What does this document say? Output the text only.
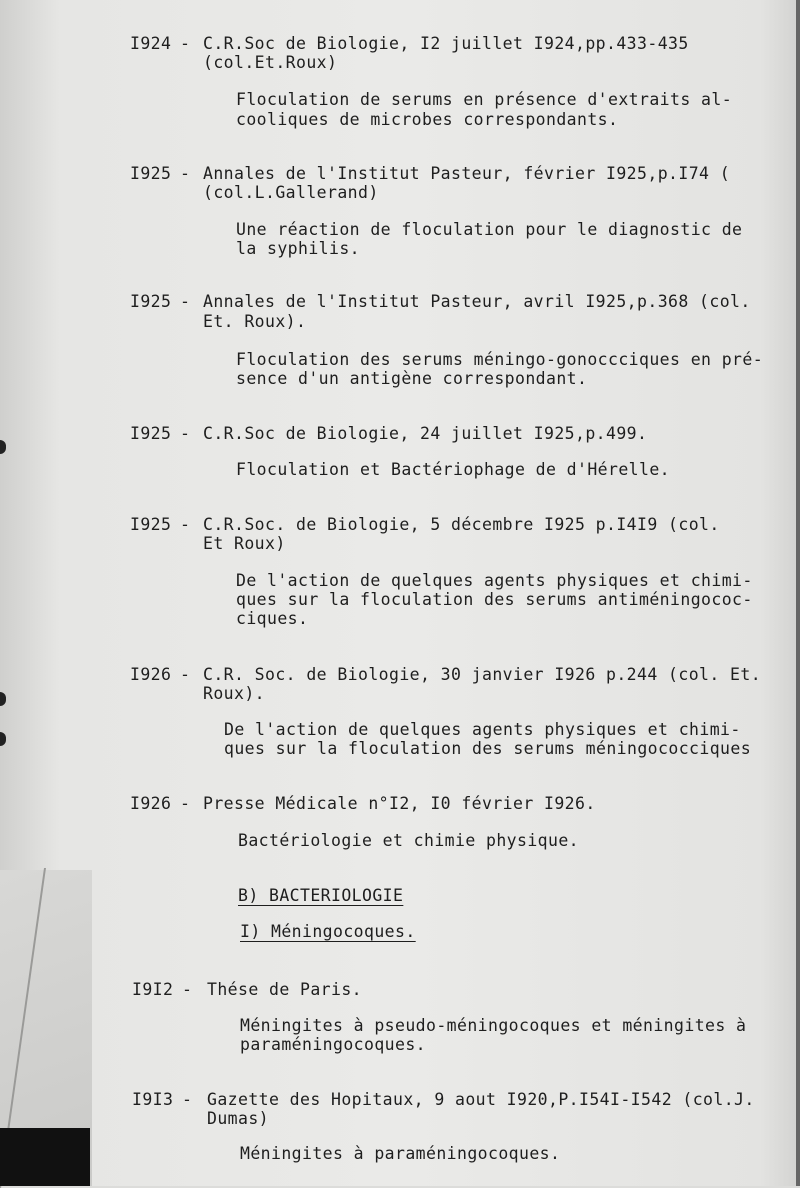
I924 - C.R.Soc de Biologie, I2 juillet I924,pp.433-435
(col.Et.Roux)
Floculation de serums en présence d'extraits al-
cooliques de microbes correspondants.
I925 - Annales de l'Institut Pasteur, février I925,p.I74 (
(col.L.Gallerand)
Une réaction de floculation pour le diagnostic de
la syphilis.
I925 - Annales de l'Institut Pasteur, avril I925,p.368 (col.
Et. Roux).
Floculation des serums méningo-gonoccciques en pré-
sence d'un antigène correspondant.
I925 - C.R.Soc de Biologie, 24 juillet I925,p.499.
Floculation et Bactériophage de d'Hérelle.
I925 - C.R.Soc. de Biologie, 5 décembre I925 p.I4I9 (col.
Et Roux)
De l'action de quelques agents physiques et chimi-
ques sur la floculation des serums antiméningococ-
ciques.
I926 - C.R. Soc. de Biologie, 30 janvier I926 p.244 (col. Et.
Roux).
De l'action de quelques agents physiques et chimi-
ques sur la floculation des serums méningococciques
I926 - Presse Médicale n°I2, I0 février I926.
Bactériologie et chimie physique.
B) BACTERIOLOGIE
I) Méningocoques.
I9I2 - Thése de Paris.
Méningites à pseudo-méningocoques et méningites à
paraméningocoques.
I9I3 - Gazette des Hopitaux, 9 aout I920,P.I54I-I542 (col.J.
Dumas)
Méningites à paraméningocoques.
